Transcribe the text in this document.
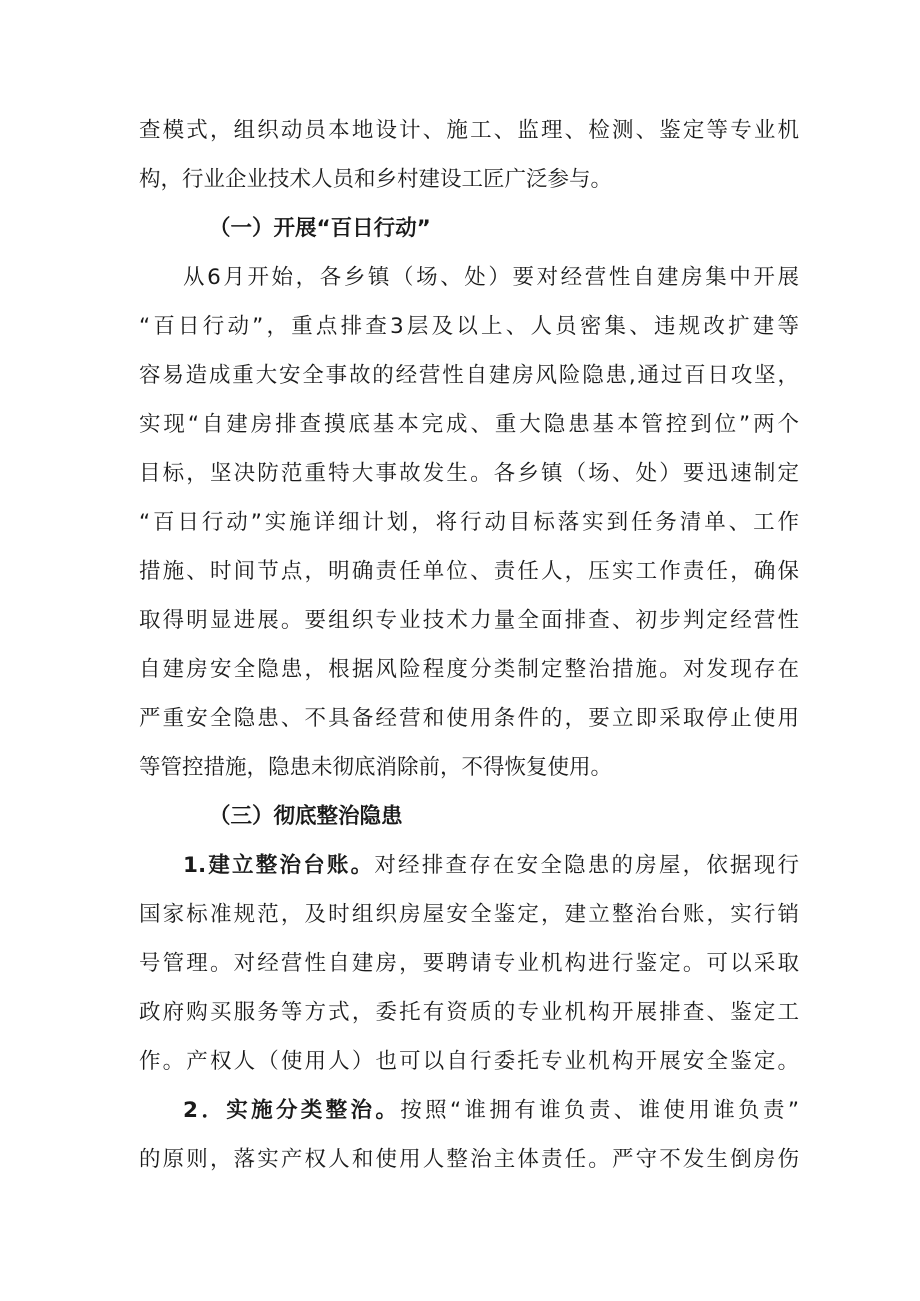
查模式，组织动员本地设计、施工、监理、检测、鉴定等专业机
构，行业企业技术人员和乡村建设工匠广泛参与。
（一）开展“百日行动”
从6月开始，各乡镇（场、处）要对经营性自建房集中开展
“百日行动”，重点排查3层及以上、人员密集、违规改扩建等
容易造成重大安全事故的经营性自建房风险隐患,通过百日攻坚，
实现“自建房排查摸底基本完成、重大隐患基本管控到位”两个
目标，坚决防范重特大事故发生。各乡镇（场、处）要迅速制定
“百日行动”实施详细计划，将行动目标落实到任务清单、工作
措施、时间节点，明确责任单位、责任人，压实工作责任，确保
取得明显进展。要组织专业技术力量全面排查、初步判定经营性
自建房安全隐患，根据风险程度分类制定整治措施。对发现存在
严重安全隐患、不具备经营和使用条件的，要立即采取停止使用
等管控措施，隐患未彻底消除前，不得恢复使用。
（三）彻底整治隐患
1.建立整治台账。对经排查存在安全隐患的房屋，依据现行
国家标准规范，及时组织房屋安全鉴定，建立整治台账，实行销
号管理。对经营性自建房，要聘请专业机构进行鉴定。可以采取
政府购买服务等方式，委托有资质的专业机构开展排查、鉴定工
作。产权人（使用人）也可以自行委托专业机构开展安全鉴定。
2．实施分类整治。按照“谁拥有谁负责、谁使用谁负责”
的原则，落实产权人和使用人整治主体责任。严守不发生倒房伤
